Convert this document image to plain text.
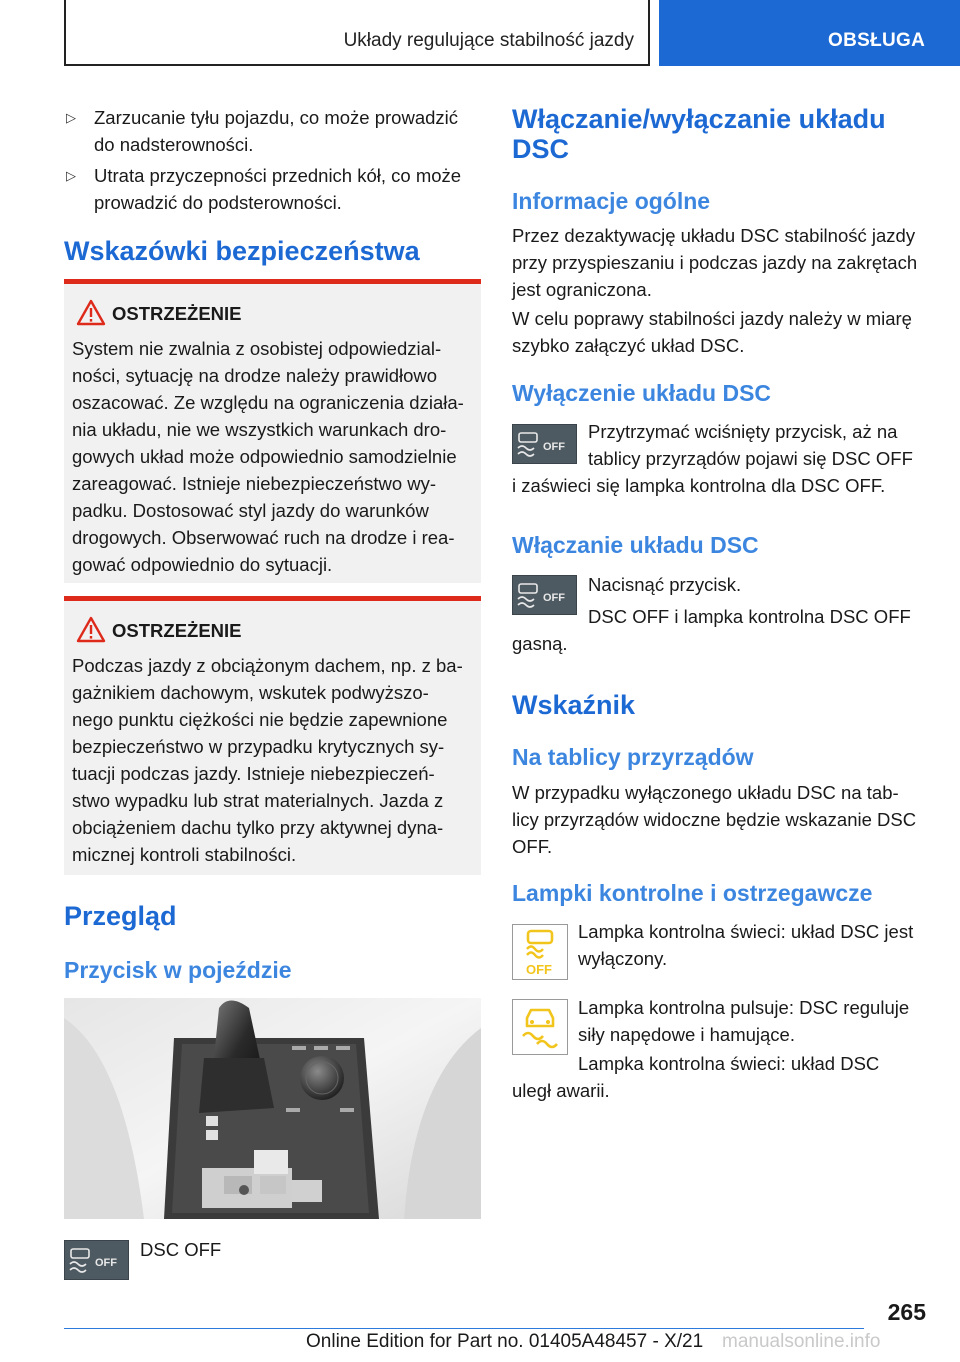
Układy regulujące stabilność jazdy	OBSŁUGA
▷ Zarzucanie tyłu pojazdu, co może prowadzić
do nadsterowności.
▷ Utrata przyczepności przednich kół, co może
prowadzić do podsterowności.
Wskazówki bezpieczeństwa
OSTRZEŻENIE
System nie zwalnia z osobistej odpowiedzial-
ności, sytuację na drodze należy prawidłowo
oszacować. Ze względu na ograniczenia działa-
nia układu, nie we wszystkich warunkach dro-
gowych układ może odpowiednio samodzielnie
zareagować. Istnieje niebezpieczeństwo wy-
padku. Dostosować styl jazdy do warunków
drogowych. Obserwować ruch na drodze i rea-
gować odpowiednio do sytuacji.
OSTRZEŻENIE
Podczas jazdy z obciążonym dachem, np. z ba-
gażnikiem dachowym, wskutek podwyższo-
nego punktu ciężkości nie będzie zapewnione
bezpieczeństwo w przypadku krytycznych sy-
tuacji podczas jazdy. Istnieje niebezpieczeń-
stwo wypadku lub strat materialnych. Jazda z
obciążeniem dachu tylko przy aktywnej dyna-
micznej kontroli stabilności.
Przegląd
Przycisk w pojeździe
OFF
DSC OFF
Włączanie/wyłączanie układu
DSC
Informacje ogólne
Przez dezaktywację układu DSC stabilność jazdy
przy przyspieszaniu i podczas jazdy na zakrętach
jest ograniczona.
W celu poprawy stabilności jazdy należy w miarę
szybko załączyć układ DSC.
Wyłączenie układu DSC
OFF
Przytrzymać wciśnięty przycisk, aż na
tablicy przyrządów pojawi się DSC OFF
i zaświeci się lampka kontrolna dla DSC OFF.
Włączanie układu DSC
OFF
Nacisnąć przycisk.
DSC OFF i lampka kontrolna DSC OFF
gasną.
Wskaźnik
Na tablicy przyrządów
W przypadku wyłączonego układu DSC na tab-
licy przyrządów widoczne będzie wskazanie DSC
OFF.
Lampki kontrolne i ostrzegawcze
OFF
Lampka kontrolna świeci: układ DSC jest
wyłączony.
Lampka kontrolna pulsuje: DSC reguluje
siły napędowe i hamujące.
Lampka kontrolna świeci: układ DSC
uległ awarii.
265
Online Edition for Part no. 01405A48457 - X/21 manualsonline.info
